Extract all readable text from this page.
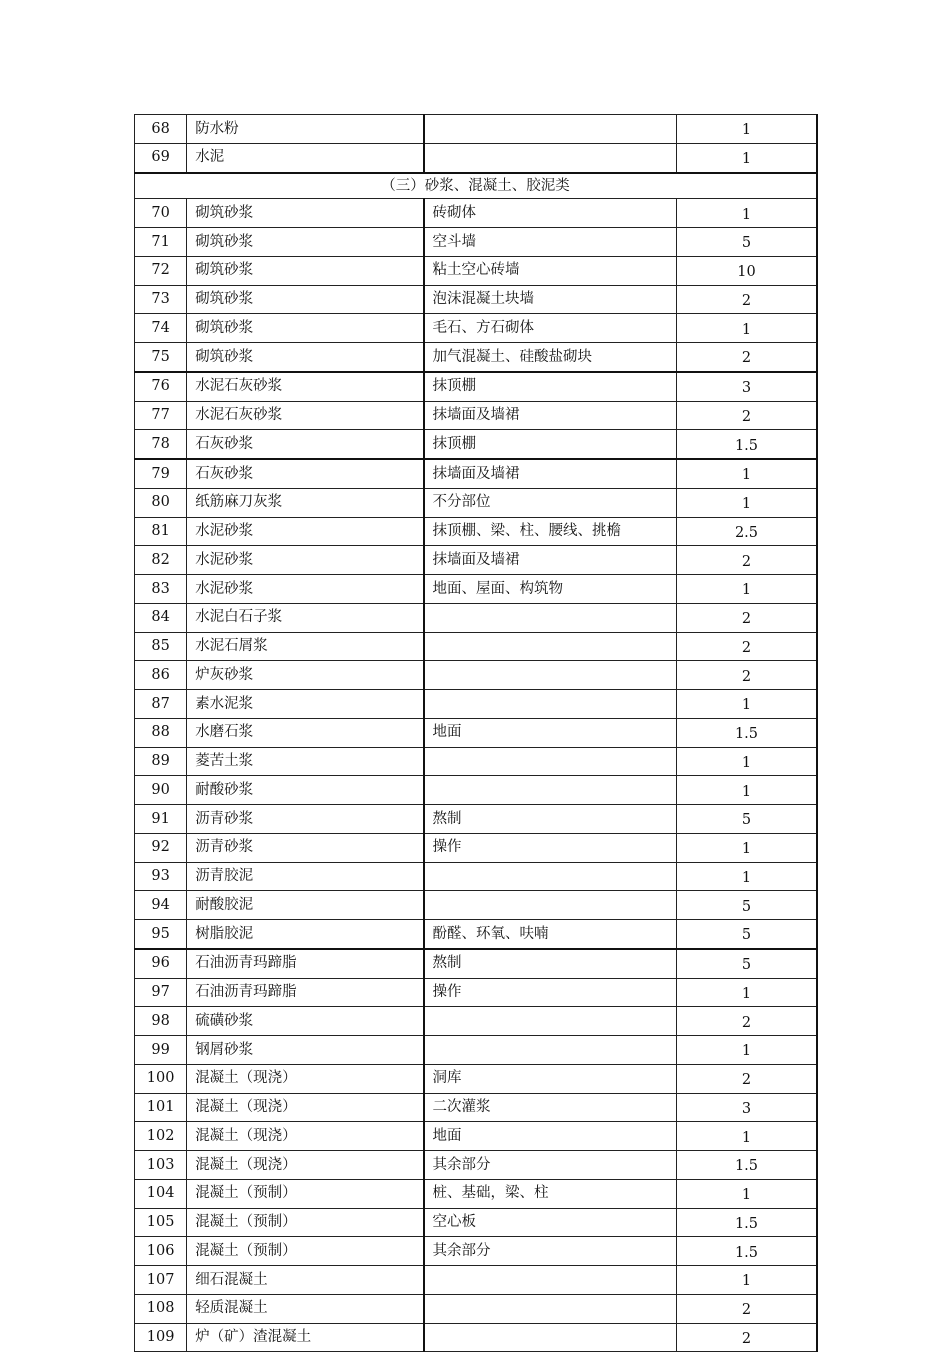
68	防水粉		1
69	水泥		1
（三）砂浆、混凝土、胶泥类			
70	砌筑砂浆	砖砌体	1
71	砌筑砂浆	空斗墙	5
72	砌筑砂浆	粘土空心砖墙	10
73	砌筑砂浆	泡沫混凝土块墙	2
74	砌筑砂浆	毛石、方石砌体	1
75	砌筑砂浆	加气混凝土、硅酸盐砌块	2
76	水泥石灰砂浆	抹顶棚	3
77	水泥石灰砂浆	抹墙面及墙裙	2
78	石灰砂浆	抹顶棚	1.5
79	石灰砂浆	抹墙面及墙裙	1
80	纸筋麻刀灰浆	不分部位	1
81	水泥砂浆	抹顶棚、梁、柱、腰线、挑檐	2.5
82	水泥砂浆	抹墙面及墙裙	2
83	水泥砂浆	地面、屋面、构筑物	1
84	水泥白石子浆		2
85	水泥石屑浆		2
86	炉灰砂浆		2
87	素水泥浆		1
88	水磨石浆	地面	1.5
89	菱苦土浆		1
90	耐酸砂浆		1
91	沥青砂浆	熬制	5
92	沥青砂浆	操作	1
93	沥青胶泥		1
94	耐酸胶泥		5
95	树脂胶泥	酚醛、环氧、呋喃	5
96	石油沥青玛蹄脂	熬制	5
97	石油沥青玛蹄脂	操作	1
98	硫磺砂浆		2
99	钢屑砂浆		1
100	混凝土（现浇）	洞库	2
101	混凝土（现浇）	二次灌浆	3
102	混凝土（现浇）	地面	1
103	混凝土（现浇）	其余部分	1.5
104	混凝土（预制）	桩、基础，梁、柱	1
105	混凝土（预制）	空心板	1.5
106	混凝土（预制）	其余部分	1.5
107	细石混凝土		1
108	轻质混凝土		2
109	炉（矿）渣混凝土		2
